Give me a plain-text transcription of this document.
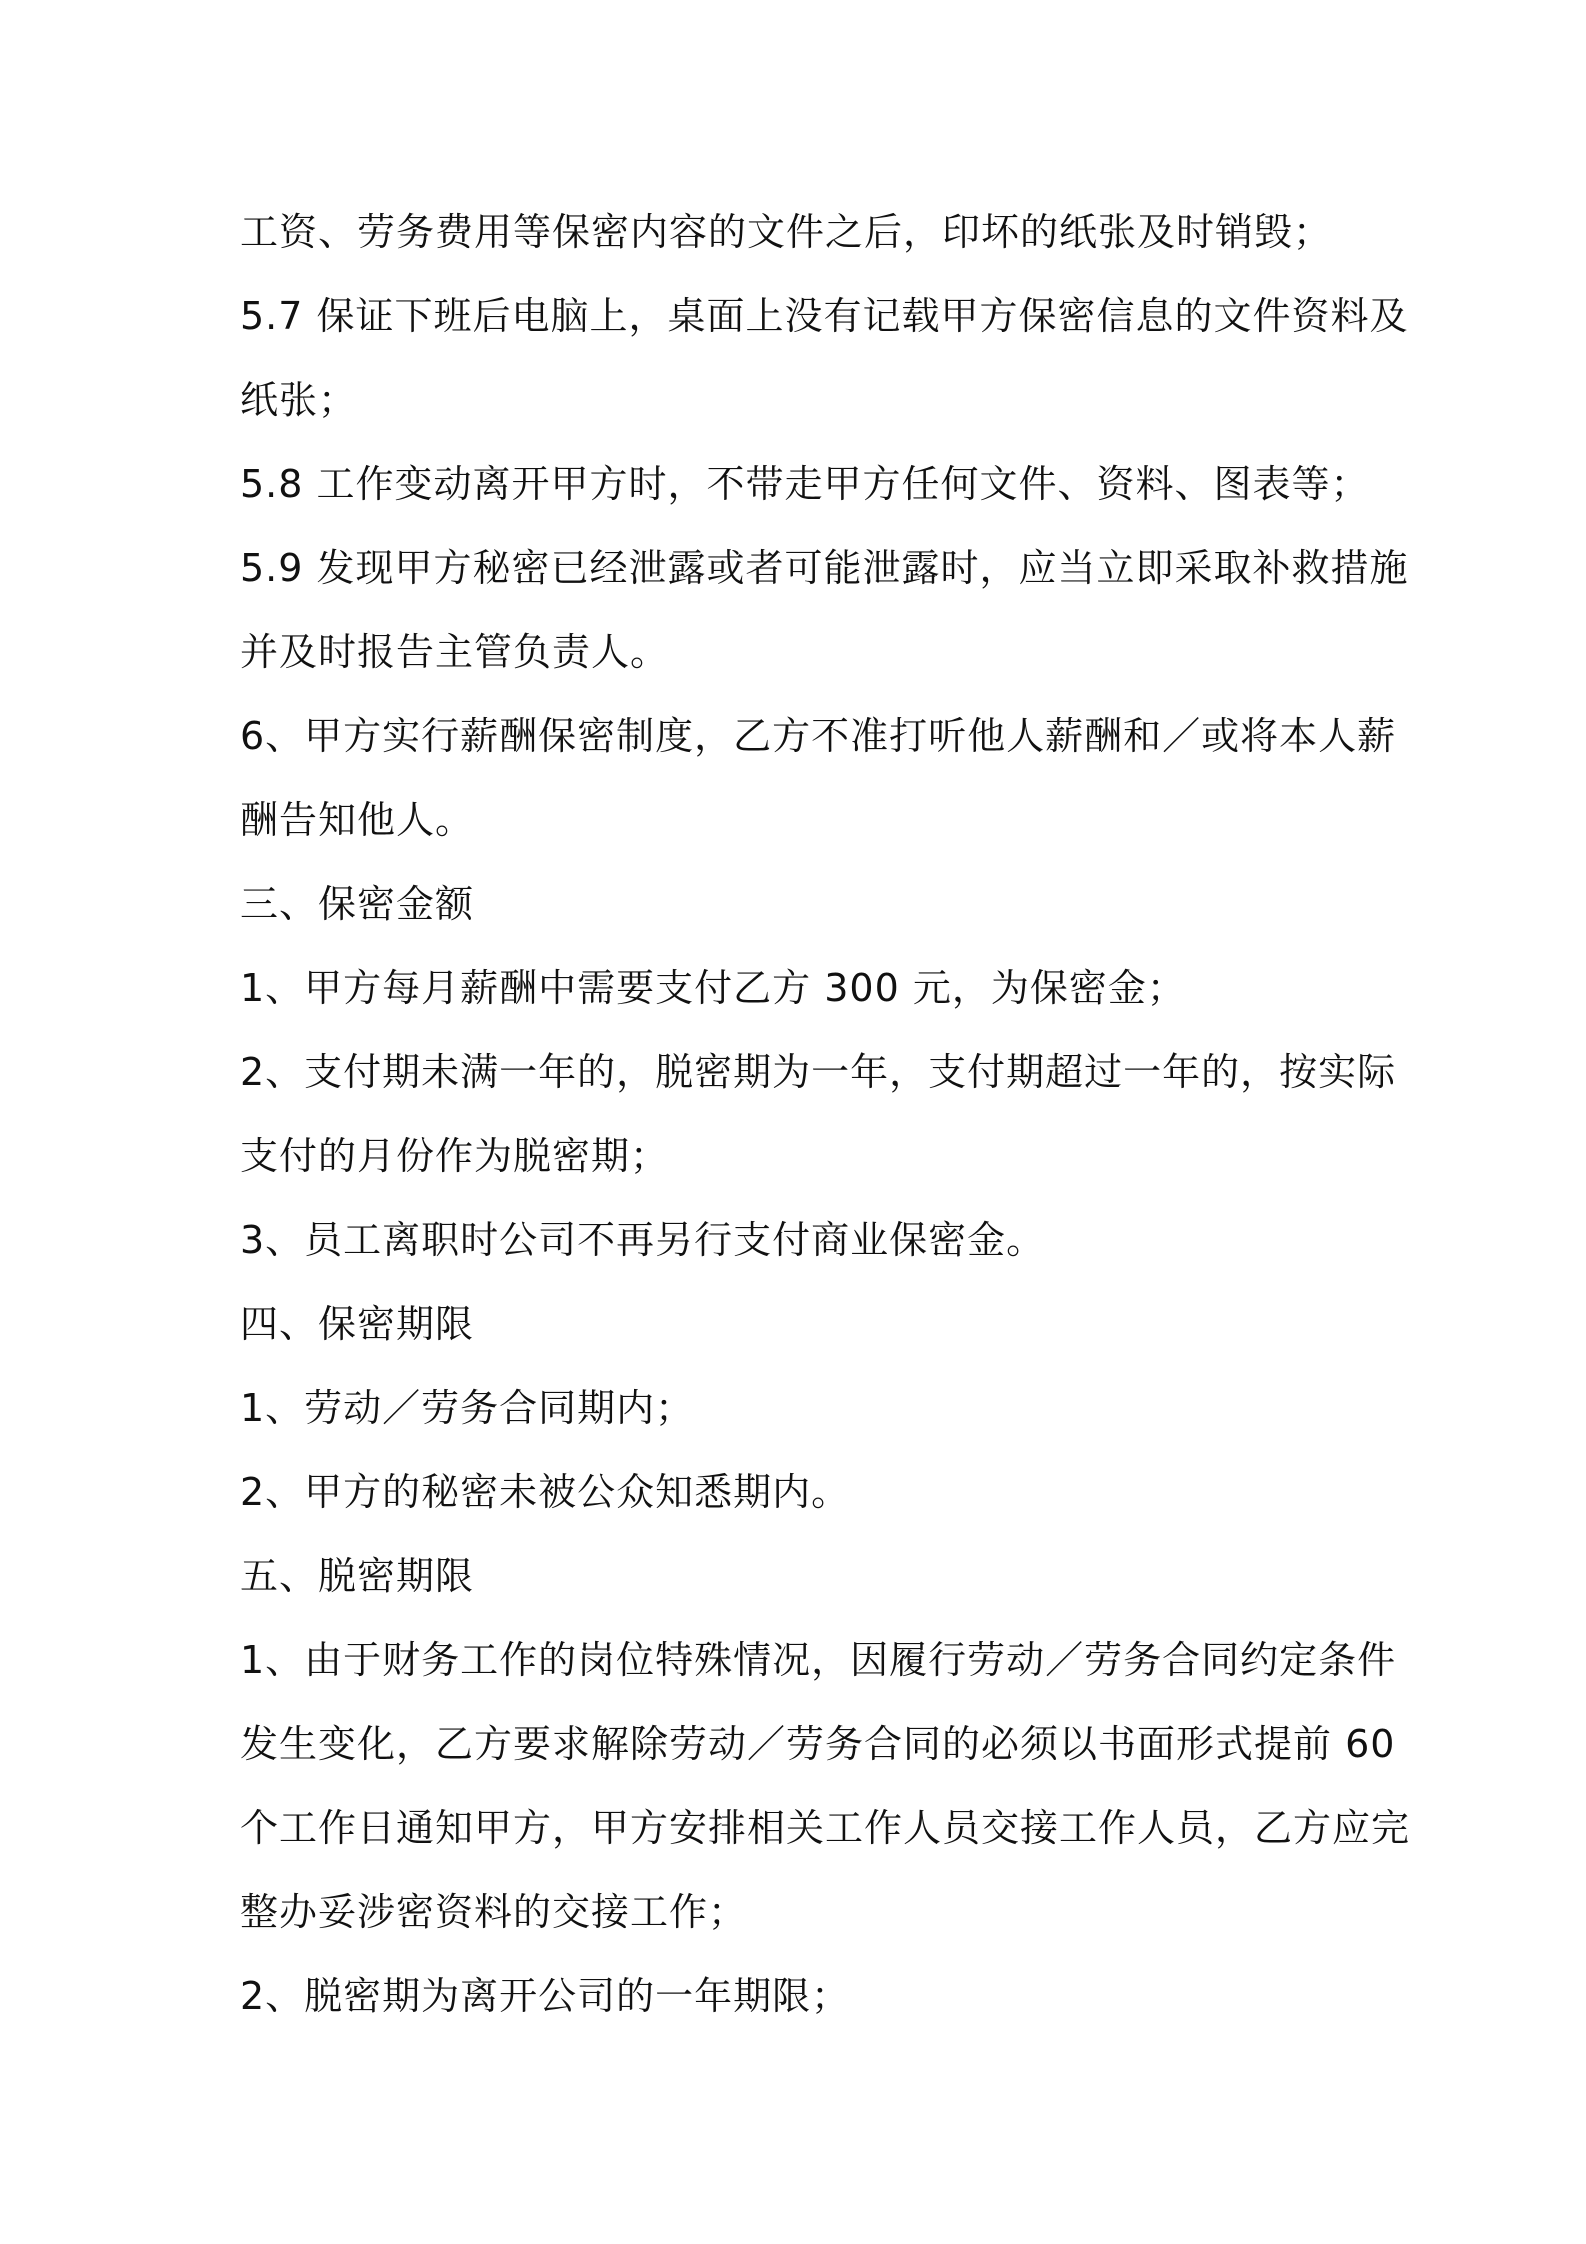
工资、劳务费用等保密内容的文件之后，印坏的纸张及时销毁；
5.7 保证下班后电脑上，桌面上没有记载甲方保密信息的文件资料及
纸张；
5.8 工作变动离开甲方时，不带走甲方任何文件、资料、图表等；
5.9 发现甲方秘密已经泄露或者可能泄露时，应当立即采取补救措施
并及时报告主管负责人。
6、甲方实行薪酬保密制度，乙方不准打听他人薪酬和／或将本人薪
酬告知他人。
三、保密金额
1、甲方每月薪酬中需要支付乙方 300 元，为保密金；
2、支付期未满一年的，脱密期为一年，支付期超过一年的，按实际
支付的月份作为脱密期；
3、员工离职时公司不再另行支付商业保密金。
四、保密期限
1、劳动／劳务合同期内；
2、甲方的秘密未被公众知悉期内。
五、脱密期限
1、由于财务工作的岗位特殊情况，因履行劳动／劳务合同约定条件
发生变化，乙方要求解除劳动／劳务合同的必须以书面形式提前 60
个工作日通知甲方，甲方安排相关工作人员交接工作人员，乙方应完
整办妥涉密资料的交接工作；
2、脱密期为离开公司的一年期限；
